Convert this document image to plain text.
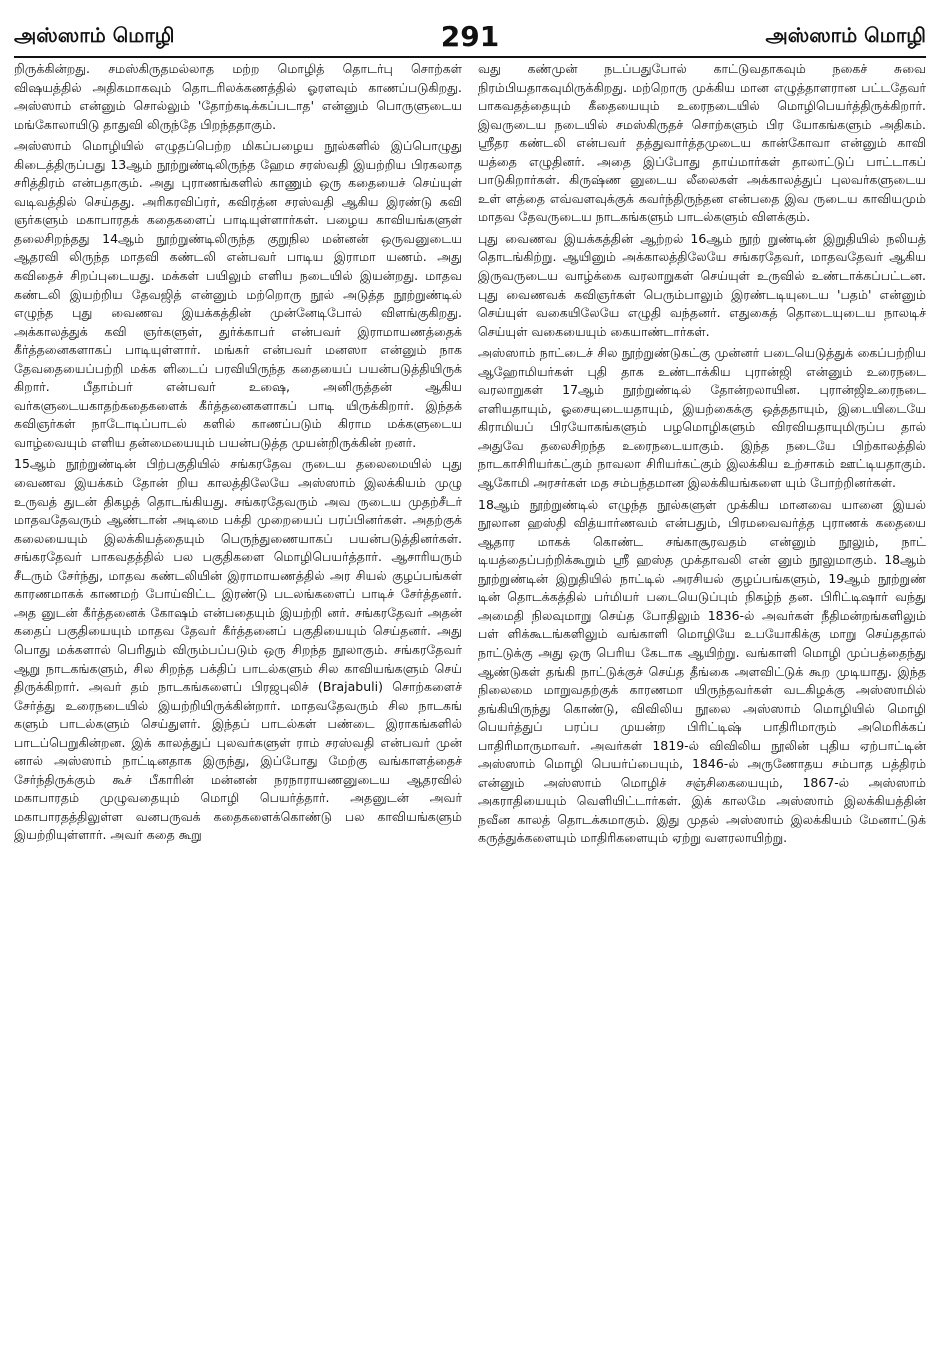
அஸ்ஸாம் மொழி	291	அஸ்ஸாம் மொழி

றிருக்கின்றது. சமஸ்கிருதமல்லாத மற்ற மொழித் தொடர்பு சொற்கள் விஷயத்தில் அதிகமாகவும் தொடரிலக்கணத்தில் ஓரளவும் காணப்படுகிறது. அஸ்ஸாம் என்னும் சொல்லும் 'தோற்கடிக்கப்படாத' என்னும் பொருளுடைய மங்கோலாயிடு தாதுவி லிருந்தே பிறந்ததாகும்.

அஸ்ஸாம் மொழியில் எழுதப்பெற்ற மிகப்பழைய நூல்களில் இப்பொழுது கிடைத்திருப்பது 13ஆம் நூற்றுண்டிலிருந்த ஹேம சரஸ்வதி இயற்றிய பிரகலாத சரித்திரம் என்பதாகும். அது புராணங்களில் காணும் ஒரு கதையைச் செய்யுள் வடிவத்தில் செய்தது. அரிகரவிப்ரர், கவிரத்ன சரஸ்வதி ஆகிய இரண்டு கவி ஞர்களும் மகாபாரதக் கதைகளைப் பாடியுள்ளார்கள். பழைய காவியங்களுள் தலைசிறந்தது 14ஆம் நூற்றுண்டிலிருந்த குறுநில மன்னன் ஒருவனுடைய ஆதரவி லிருந்த மாதவி கண்டலி என்பவர் பாடிய இராமா யணம். அது கவிதைச் சிறப்புடையது. மக்கள் பயிலும் எளிய நடையில் இயன்றது. மாதவ கண்டலி இயற்றிய தேவஜித் என்னும் மற்றொரு நூல் அடுத்த நூற்றுண்டில் எழுந்த புது வைணவ இயக்கத்தின் முன்னேடிபோல் விளங்குகிறது. அக்காலத்துக் கவி ஞர்களுள், துர்க்காபர் என்பவர் இராமாயணத்தைக் கீர்த்தனைகளாகப் பாடியுள்ளார். மங்கர் என்பவர் மனஸா என்னும் நாக தேவதையைப்பற்றி மக்க ளிடைப் பரவியிருந்த கதையைப் பயன்படுத்தியிருக் கிறார். பீதாம்பர் என்பவர் உஷை, அனிருத்தன் ஆகிய வர்களுடையகாதற்கதைகளைக் கீர்த்தனைகளாகப் பாடி யிருக்கிறார். இந்தக் கவிஞர்கள் நாடோடிப்பாடல் களில் காணப்படும் கிராம மக்களுடைய வாழ்வையும் எளிய தன்மையையும் பயன்படுத்த முயன்றிருக்கின் றனர்.

15ஆம் நூற்றுண்டின் பிற்பகுதியில் சங்கரதேவ ருடைய தலைமையில் புது வைணவ இயக்கம் தோன் றிய காலத்திலேயே அஸ்ஸாம் இலக்கியம் முழு உருவத் துடன் திகழத் தொடங்கியது. சங்கரதேவரும் அவ ருடைய முதற்சீடர் மாதவதேவரும் ஆண்டான் அடிமை பக்தி முறையைப் பரப்பினர்கள். அதற்குக் கலையையும் இலக்கியத்தையும் பெருந்துணையாகப் பயன்படுத்தினர்கள். சங்கரதேவர் பாகவதத்தில் பல பகுதிகளை மொழிபெயர்த்தார். ஆசாரியரும் சீடரும் சேர்ந்து, மாதவ கண்டலியின் இராமாயணத்தில் அர சியல் குழப்பங்கள் காரணமாகக் காணமற் போய்விட்ட இரண்டு படலங்களைப் பாடிச் சேர்த்தனர். அத னுடன் கீர்த்தனைக் கோஷம் என்பதையும் இயற்றி னர். சங்கரதேவர் அதன் கதைப் பகுதியையும் மாதவ தேவர் கீர்த்தனைப் பகுதியையும் செய்தனர். அது பொது மக்களால் பெரிதும் விரும்பப்படும் ஒரு சிறந்த நூலாகும். சங்கரதேவர் ஆறு நாடகங்களும், சில சிறந்த பக்திப் பாடல்களும் சில காவியங்களும் செய் திருக்கிறார். அவர் தம் நாடகங்களைப் பிரஜபுலிச் (Brajabuli) சொற்களைச் சேர்த்து உரைநடையில் இயற்றியிருக்கின்றார். மாதவதேவரும் சில நாடகங் களும் பாடல்களும் செய்துளர். இந்தப் பாடல்கள் பண்டை இராகங்களில் பாடப்பெறுகின்றன. இக் காலத்துப் புலவர்களுள் ராம் சரஸ்வதி என்பவர் முன் னால் அஸ்ஸாம் நாட்டினதாக இருந்து, இப்போது மேற்கு வங்காளத்தைச் சேர்ந்திருக்கும் கூச் பீகாரின் மன்னன் நரநாராயணனுடைய ஆதரவில் மகாபாரதம் முழுவதையும் மொழி பெயர்த்தார். அதனுடன் அவர் மகாபாரதத்திலுள்ள வனபருவக் கதைகளைக்கொண்டு பல காவியங்களும் இயற்றியுள்ளார். அவர் கதை கூறு

வது கண்முன் நடப்பதுபோல் காட்டுவதாகவும் நகைச் சுவை நிரம்பியதாகவுமிருக்கிறது. மற்றொரு முக்கிய மான எழுத்தாளரான பட்டதேவர் பாகவதத்தையும் கீதையையும் உரைநடையில் மொழிபெயர்த்திருக்கிறார். இவருடைய நடையில் சமஸ்கிருதச் சொற்களும் பிர யோகங்களும் அதிகம். ஸ்ரீதர கண்டலி என்பவர் தத்துவார்த்தமுடைய கான்கோவா என்னும் காவி யத்தை எழுதினர். அதை இப்போது தாய்மார்கள் தாலாட்டுப் பாட்டாகப் பாடுகிறார்கள். கிருஷ்ண னுடைய லீலைகள் அக்காலத்துப் புலவர்களுடைய உள் ளத்தை எவ்வளவுக்குக் கவர்ந்திருந்தன என்பதை இவ ருடைய காவியமும் மாதவ தேவருடைய நாடகங்களும் பாடல்களும் விளக்கும்.

புது வைணவ இயக்கத்தின் ஆற்றல் 16ஆம் நூற் றுண்டின் இறுதியில் நலியத் தொடங்கிற்று. ஆயினும் அக்காலத்திலேயே சங்கரதேவர், மாதவதேவர் ஆகிய இருவருடைய வாழ்க்கை வரலாறுகள் செய்யுள் உருவில் உண்டாக்கப்பட்டன. புது வைணவக் கவிஞர்கள் பெரும்பாலும் இரண்டடியுடைய 'பதம்' என்னும் செய்யுள் வகையிலேயே எழுதி வந்தனர். எதுகைத் தொடையுடைய நாலடிச் செய்யுள் வகையையும் கையாண்டார்கள்.

அஸ்ஸாம் நாட்டைச் சில நூற்றுண்டுகட்கு முன்னர் படையெடுத்துக் கைப்பற்றிய ஆஹோமியர்கள் புதி தாக உண்டாக்கிய புரான்ஜி என்னும் உரைநடை வரலாறுகள் 17ஆம் நூற்றுண்டில் தோன்றலாயின. புரான்ஜிஉரைநடை எளியதாயும், ஓசையுடையதாயும், இயற்கைக்கு ஒத்ததாயும், இடையிடையே கிராமியப் பிரயோகங்களும் பழமொழிகளும் விரவியதாயுமிருப்ப தால் அதுவே தலைசிறந்த உரைநடையாகும். இந்த நடையே பிற்காலத்தில் நாடகாசிரியர்கட்கும் நாவலா சிரியர்கட்கும் இலக்கிய உற்சாகம் ஊட்டியதாகும். ஆகோமி அரசர்கள் மத சம்பந்தமான இலக்கியங்களை யும் போற்றினர்கள்.

18ஆம் நூற்றுண்டில் எழுந்த நூல்களுள் முக்கிய மானவை யானை இயல் நூலான ஹஸ்தி வித்யார்ணவம் என்பதும், பிரமவைவர்த்த புராணக் கதையை ஆதார மாகக் கொண்ட சங்காசூரவதம் என்னும் நூலும், நாட் டியத்தைப்பற்றிக்கூறும் ஸ்ரீ ஹஸ்த முக்தாவலி என் னும் நூலுமாகும். 18ஆம் நூற்றுண்டின் இறுதியில் நாட்டில் அரசியல் குழப்பங்களும், 19ஆம் நூற்றுண் டின் தொடக்கத்தில் பர்மியர் படையெடுப்பும் நிகழ்ந் தன. பிரிட்டிஷார் வந்து அமைதி நிலவுமாறு செய்த போதிலும் 1836-ல் அவர்கள் நீதிமன்றங்களிலும் பள் ளிக்கூடங்களிலும் வங்காளி மொழியே உபயோகிக்கு மாறு செய்ததால் நாட்டுக்கு அது ஒரு பெரிய கேடாக ஆயிற்று. வங்காளி மொழி முப்பத்தைந்து ஆண்டுகள் தங்கி நாட்டுக்குச் செய்த தீங்கை அளவிட்டுக் கூற முடியாது. இந்த நிலைமை மாறுவதற்குக் காரணமா யிருந்தவர்கள் வடகிழக்கு அஸ்ஸாமில் தங்கியிருந்து கொண்டு, விவிலிய நூலை அஸ்ஸாம் மொழியில் மொழி பெயர்த்துப் பரப்ப முயன்ற பிரிட்டிஷ் பாதிரிமாரும் அமெரிக்கப் பாதிரிமாருமாவர். அவர்கள் 1819-ல் விவிலிய நூலின் புதிய ஏற்பாட்டின் அஸ்ஸாம் மொழி பெயர்ப்பையும், 1846-ல் அருணோதய சம்பாத பத்திரம் என்னும் அஸ்ஸாம் மொழிச் சஞ்சிகையையும், 1867-ல் அஸ்ஸாம் அகராதியையும் வெளியிட்டார்கள். இக் காலமே அஸ்ஸாம் இலக்கியத்தின் நவீன காலத் தொடக்கமாகும். இது முதல் அஸ்ஸாம் இலக்கியம் மேனாட்டுக் கருத்துக்களையும் மாதிரிகளையும் ஏற்று வளரலாயிற்று.
